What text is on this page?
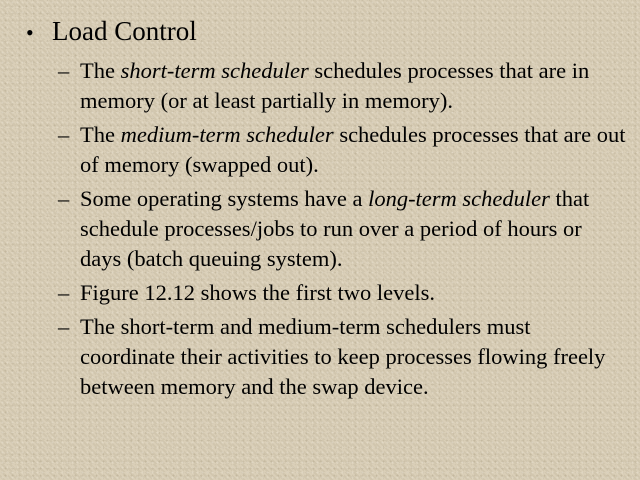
• Load Control
– The short-term scheduler schedules processes that are in memory (or at least partially in memory).
– The medium-term scheduler schedules processes that are out of memory (swapped out).
– Some operating systems have a long-term scheduler that schedule processes/jobs to run over a period of hours or days (batch queuing system).
– Figure 12.12 shows the first two levels.
– The short-term and medium-term schedulers must coordinate their activities to keep processes flowing freely between memory and the swap device.
